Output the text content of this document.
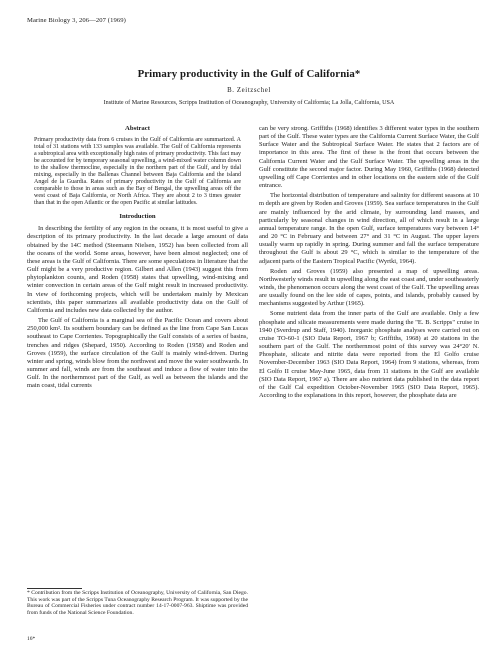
Marine Biology 3, 206—207 (1969)
Primary productivity in the Gulf of California*
B. Zeitzschel
Institute of Marine Resources, Scripps Institution of Oceanography, University of California; La Jolla, California, USA
Abstract

Primary productivity data from 6 cruises in the Gulf of California are summarized. A total of 31 stations with 133 samples was available. The Gulf of California represents a subtropical area with exceptionally high rates of primary productivity. This fact may be accounted for by temporary seasonal upwelling, a wind-mixed water column down to the shallow thermocline, especially in the northern part of the Gulf, and by tidal mixing, especially in the Ballenas Channel between Baja California and the island Angel de la Guardia. Rates of primary productivity in the Gulf of California are comparable to those in areas such as the Bay of Bengal, the upwelling areas off the west coast of Baja California, or North Africa. They are about 2 to 3 times greater than that in the open Atlantic or the open Pacific at similar latitudes.

Introduction

In describing the fertility of any region in the oceans, it is most useful to give a description of its primary productivity. In the last decade a large amount of data obtained by the 14C method (Steemann Nielsen, 1952) has been collected from all the oceans of the world. Some areas, however, have been almost neglected; one of these areas is the Gulf of California. There are some speculations in literature that the Gulf might be a very productive region. Gilbert and Allen (1943) suggest this from phytoplankton counts, and Roden (1958) states that upwelling, wind-mixing and winter convection in certain areas of the Gulf might result in increased productivity. In view of forthcoming projects, which will be undertaken mainly by Mexican scientists, this paper summarizes all available productivity data on the Gulf of California and includes new data collected by the author.

The Gulf of California is a marginal sea of the Pacific Ocean and covers about 250,000 km². Its southern boundary can be defined as the line from Cape San Lucas southeast to Cape Corrientes. Topographically the Gulf consists of a series of basins, trenches and ridges (Shepard, 1950). According to Roden (1958) and Roden and Groves (1959), the surface circulation of the Gulf is mainly wind-driven. During winter and spring, winds blow from the northwest and move the water southwards. In summer and fall, winds are from the southeast and induce a flow of water into the Gulf. In the northernmost part of the Gulf, as well as between the islands and the main coast, tidal currents

can be very strong. Griffiths (1968) identifies 3 different water types in the southern part of the Gulf. These water types are the California Current Surface Water, the Gulf Surface Water and the Subtropical Surface Water. He states that 2 factors are of importance in this area. The first of these is the front that occurs between the California Current Water and the Gulf Surface Water. The upwelling areas in the Gulf constitute the second major factor. During May 1960, Griffiths (1968) detected upwelling off Cape Corrientes and in other locations on the eastern side of the Gulf entrance.

The horizontal distribution of temperature and salinity for different seasons at 10 m depth are given by Roden and Groves (1959). Sea surface temperatures in the Gulf are mainly influenced by the arid climate, by surrounding land masses, and particularly by seasonal changes in wind direction, all of which result in a large annual temperature range. In the open Gulf, surface temperatures vary between 14° and 20 °C in February and between 27° and 31 °C in August. The upper layers usually warm up rapidly in spring. During summer and fall the surface temperature throughout the Gulf is about 29 °C, which is similar to the temperature of the adjacent parts of the Eastern Tropical Pacific (Wyrtki, 1964).

Roden and Groves (1959) also presented a map of upwelling areas. Northwesterly winds result in upwelling along the east coast and, under southeasterly winds, the phenomenon occurs along the west coast of the Gulf. The upwelling areas are usually found on the lee side of capes, points, and islands, probably caused by mechanisms suggested by Arthur (1965).

Some nutrient data from the inner parts of the Gulf are available. Only a few phosphate and silicate measurements were made during the "E. B. Scripps" cruise in 1940 (Sverdrup and Staff, 1940). Inorganic phosphate analyses were carried out on cruise TO-60-1 (SIO Data Report, 1967 b; Griffiths, 1968) at 20 stations in the southern part of the Gulf. The northernmost point of this survey was 24°20' N. Phosphate, silicate and nitrite data were reported from the El Golfo cruise November-December 1963 (SIO Data Report, 1964) from 9 stations, whereas, from El Golfo II cruise May-June 1965, data from 11 stations in the Gulf are available (SIO Data Report, 1967 a). There are also nutrient data published in the data report of the Gulf Cal expedition October-November 1965 (SIO Data Report, 1965). According to the explanations in this report, however, the phosphate data are

* Contribution from the Scripps Institution of Oceanography, University of California, San Diego. This work was part of the Scripps Tuna Oceanography Research Program. It was supported by the Bureau of Commercial Fisheries under contract number 14-17-0007-963. Shiptime was provided from funds of the National Science Foundation.
16*
